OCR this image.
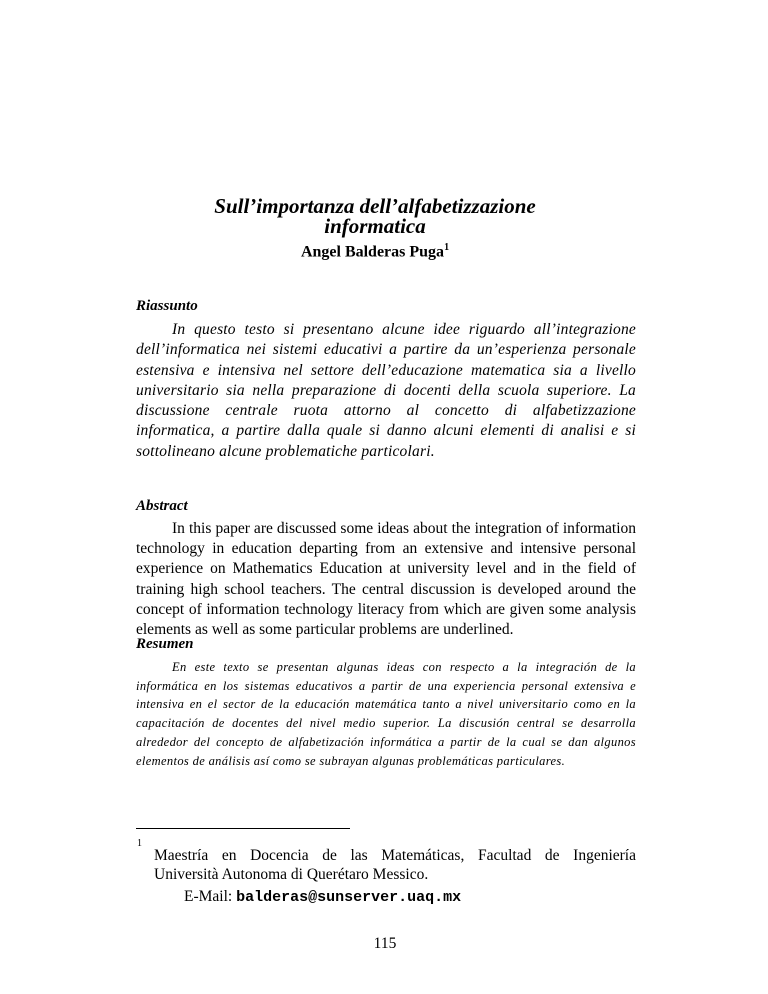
Sull’importanza dell’alfabetizzazione
informatica
Angel Balderas Puga$^1$
Riassunto

In questo testo si presentano alcune idee riguardo all’integrazione dell’informatica nei sistemi educativi a partire da un’esperienza personale estensiva e intensiva nel settore dell’educazione matematica sia a livello universitario sia nella preparazione di docenti della scuola superiore. La discussione centrale ruota attorno al concetto di alfabetizzazione informatica, a partire dalla quale si danno alcuni elementi di analisi e si sottolineano alcune problematiche particolari.

Abstract

In this paper are discussed some ideas about the integration of information technology in education departing from an extensive and intensive personal experience on Mathematics Education at university level and in the field of training high school teachers. The central discussion is developed around the concept of information technology literacy from which are given some analysis elements as well as some particular problems are underlined.

Resumen

En este texto se presentan algunas ideas con respecto a la integración de la informática en los sistemas educativos a partir de una experiencia personal extensiva e intensiva en el sector de la educación matemática tanto a nivel universitario como en la capacitación de docentes del nivel medio superior. La discusión central se desarrolla alrededor del concepto de alfabetización informática a partir de la cual se dan algunos elementos de análisis así como se subrayan algunas problemáticas particulares.

1
Maestría en Docencia de las Matemáticas, Facultad de Ingeniería
Università Autonoma di Querétaro Messico.
E-Mail: balderas@sunserver.uaq.mx
115
